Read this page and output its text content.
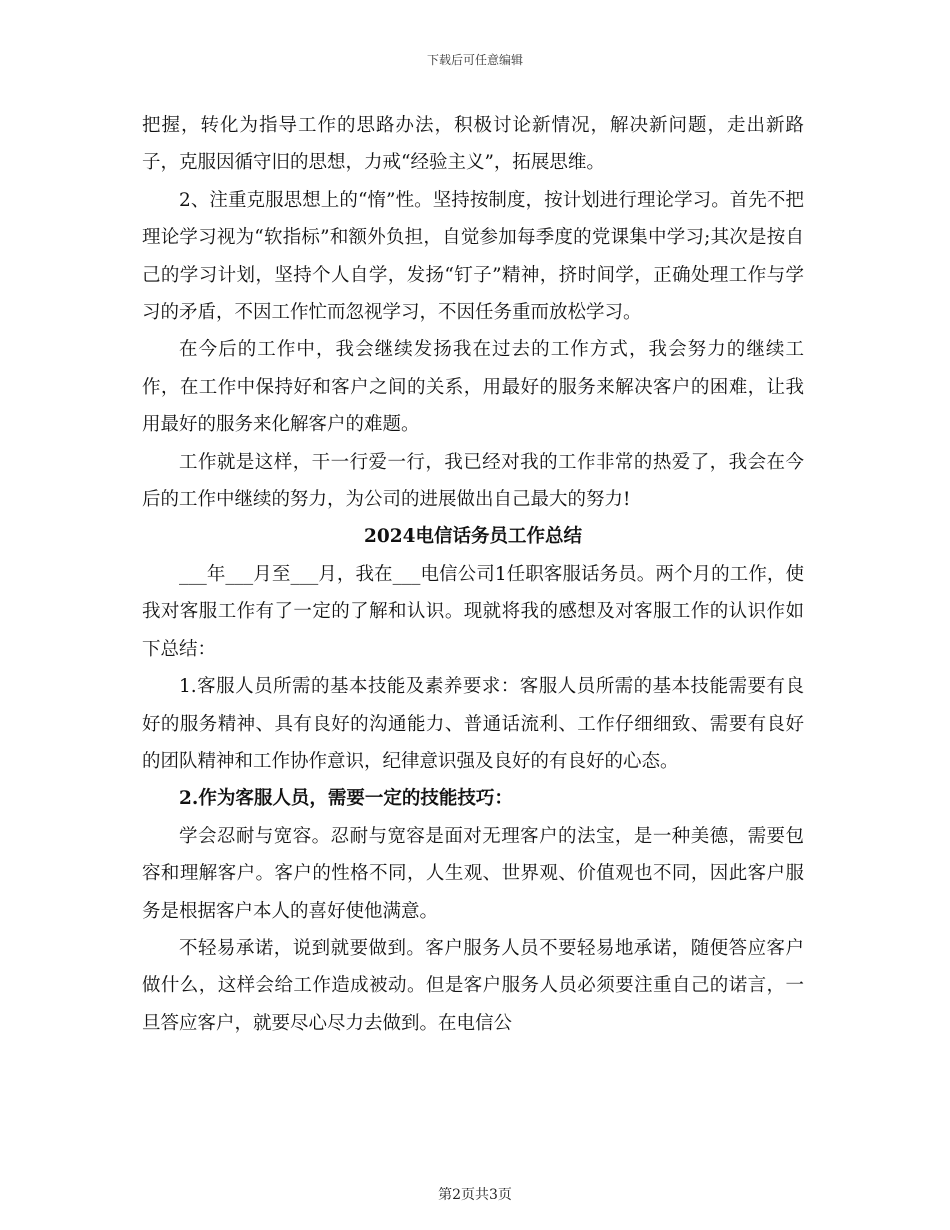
下载后可任意编辑

把握，转化为指导工作的思路办法，积极讨论新情况，解决新问题，走出新路子，克服因循守旧的思想，力戒“经验主义”，拓展思维。

2、注重克服思想上的“惰”性。坚持按制度，按计划进行理论学习。首先不把理论学习视为“软指标”和额外负担，自觉参加每季度的党课集中学习;其次是按自己的学习计划，坚持个人自学，发扬“钉子”精神，挤时间学，正确处理工作与学习的矛盾，不因工作忙而忽视学习，不因任务重而放松学习。

在今后的工作中，我会继续发扬我在过去的工作方式，我会努力的继续工作，在工作中保持好和客户之间的关系，用最好的服务来解决客户的困难，让我用最好的服务来化解客户的难题。

工作就是这样，干一行爱一行，我已经对我的工作非常的热爱了，我会在今后的工作中继续的努力，为公司的进展做出自己最大的努力!

2024电信话务员工作总结

___年___月至___月，我在___电信公司1任职客服话务员。两个月的工作，使我对客服工作有了一定的了解和认识。现就将我的感想及对客服工作的认识作如下总结：

1.客服人员所需的基本技能及素养要求：客服人员所需的基本技能需要有良好的服务精神、具有良好的沟通能力、普通话流利、工作仔细细致、需要有良好的团队精神和工作协作意识，纪律意识强及良好的有良好的心态。

2.作为客服人员，需要一定的技能技巧：

学会忍耐与宽容。忍耐与宽容是面对无理客户的法宝，是一种美德，需要包容和理解客户。客户的性格不同，人生观、世界观、价值观也不同，因此客户服务是根据客户本人的喜好使他满意。

不轻易承诺，说到就要做到。客户服务人员不要轻易地承诺，随便答应客户做什么，这样会给工作造成被动。但是客户服务人员必须要注重自己的诺言，一旦答应客户，就要尽心尽力去做到。在电信公

第2页共3页
